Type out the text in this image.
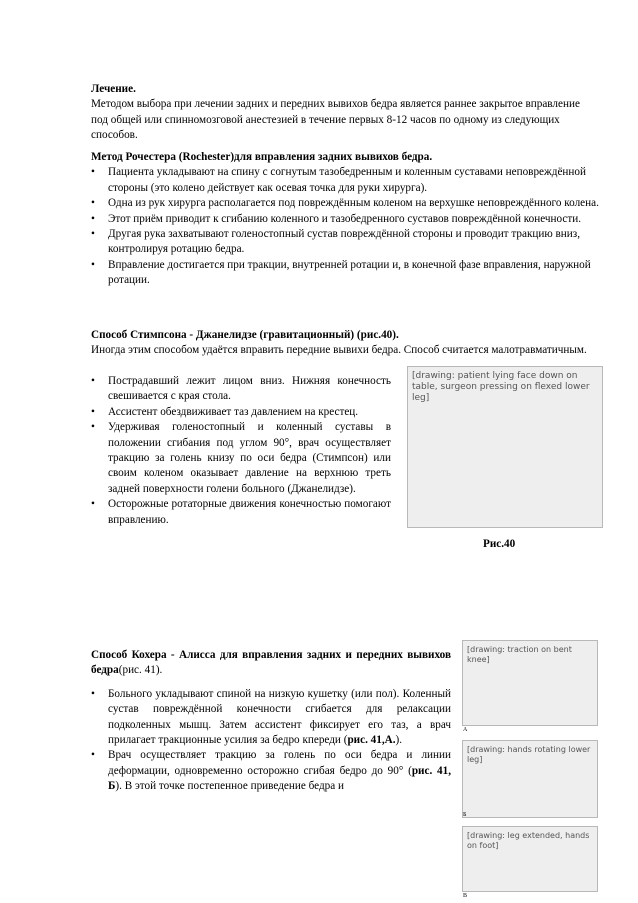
Лечение.
Методом выбора при лечении задних и передних вывихов бедра является раннее закрытое вправление под общей или спинномозговой анестезией в течение первых 8-12 часов по одному из следующих способов.
Метод Рочестера (Rochester)для вправления задних вывихов бедра.
• Пациента укладывают на спину с согнутым тазобедренным и коленным суставами неповреждённой стороны (это колено действует как осевая точка для руки хирурга).
• Одна из рук хирурга располагается под повреждённым коленом на верхушке неповреждённого колена.
• Этот приём приводит к сгибанию коленного и тазобедренного суставов повреждённой конечности.
• Другая рука захватывают голеностопный сустав повреждённой стороны и проводит тракцию вниз, контролируя ротацию бедра.
• Вправление достигается при тракции, внутренней ротации и, в конечной фазе вправления, наружной ротации.
Способ Стимпсона - Джанелидзе (гравитационный) (рис.40).
Иногда этим способом удаётся вправить передние вывихи бедра. Способ считается малотравматичным.
• Пострадавший лежит лицом вниз. Нижняя конечность свешивается с края стола.
• Ассистент обездвиживает таз давлением на крестец.
• Удерживая голеностопный и коленный суставы в положении сгибания под углом 90°, врач осуществляет тракцию за голень книзу по оси бедра (Стимпсон) или своим коленом оказывает давление на верхнюю треть задней поверхности голени больного (Джанелидзе).
• Осторожные ротаторные движения конечностью помогают вправлению.
[drawing: patient lying face down on table, surgeon pressing on flexed lower leg]
Рис.40
Способ Кохера - Алисса для вправления задних и передних вывихов бедра(рис. 41).
• Больного укладывают спиной на низкую кушетку (или пол). Коленный сустав повреждённой конечности сгибается для релаксации подколенных мышц. Затем ассистент фиксирует его таз, а врач прилагает тракционные усилия за бедро кпереди (рис. 41,А.).
• Врач осуществляет тракцию за голень по оси бедра и линии деформации, одновременно осторожно сгибая бедро до 90° (рис. 41, Б). В этой точке постепенное приведение бедра и
[drawing: traction on bent knee]
А
[drawing: hands rotating lower leg]
Б
[drawing: leg extended, hands on foot]
В
